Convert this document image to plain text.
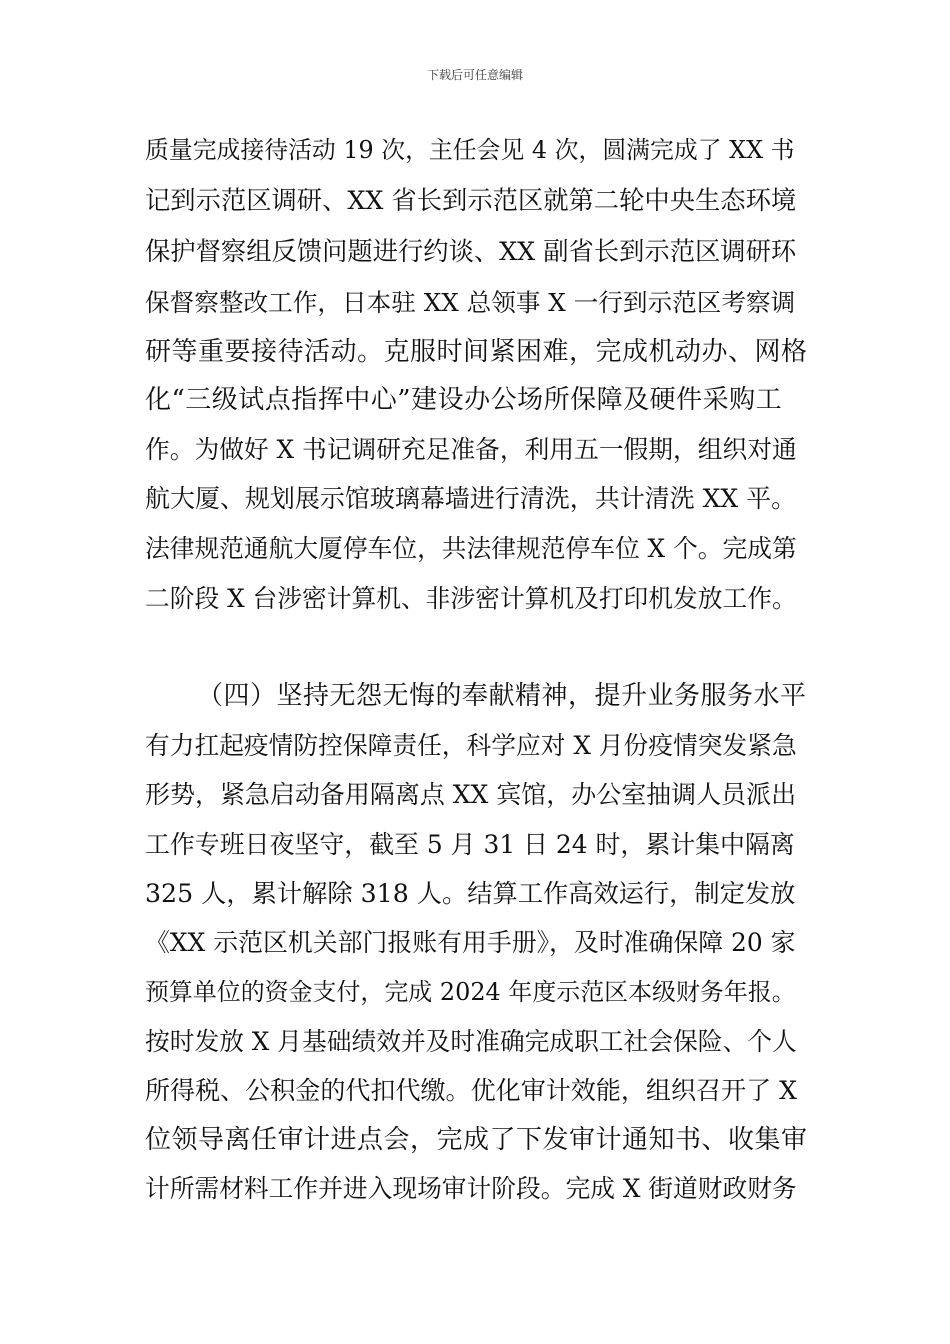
下载后可任意编辑
质量完成接待活动 19 次，主任会见 4 次，圆满完成了 XX 书
记到示范区调研、XX 省长到示范区就第二轮中央生态环境
保护督察组反馈问题进行约谈、XX 副省长到示范区调研环
保督察整改工作，日本驻 XX 总领事 X 一行到示范区考察调
研等重要接待活动。克服时间紧困难，完成机动办、网格
化“三级试点指挥中心”建设办公场所保障及硬件采购工
作。为做好 X 书记调研充足准备，利用五一假期，组织对通
航大厦、规划展示馆玻璃幕墙进行清洗，共计清洗 XX 平。
法律规范通航大厦停车位，共法律规范停车位 X 个。完成第
二阶段 X 台涉密计算机、非涉密计算机及打印机发放工作。
（四）坚持无怨无悔的奉献精神，提升业务服务水平
有力扛起疫情防控保障责任，科学应对 X 月份疫情突发紧急
形势，紧急启动备用隔离点 XX 宾馆，办公室抽调人员派出
工作专班日夜坚守，截至 5 月 31 日 24 时，累计集中隔离
325 人，累计解除 318 人。结算工作高效运行，制定发放
《XX 示范区机关部门报账有用手册》，及时准确保障 20 家
预算单位的资金支付，完成 2024 年度示范区本级财务年报。
按时发放 X 月基础绩效并及时准确完成职工社会保险、个人
所得税、公积金的代扣代缴。优化审计效能，组织召开了 X
位领导离任审计进点会，完成了下发审计通知书、收集审
计所需材料工作并进入现场审计阶段。完成 X 街道财政财务
